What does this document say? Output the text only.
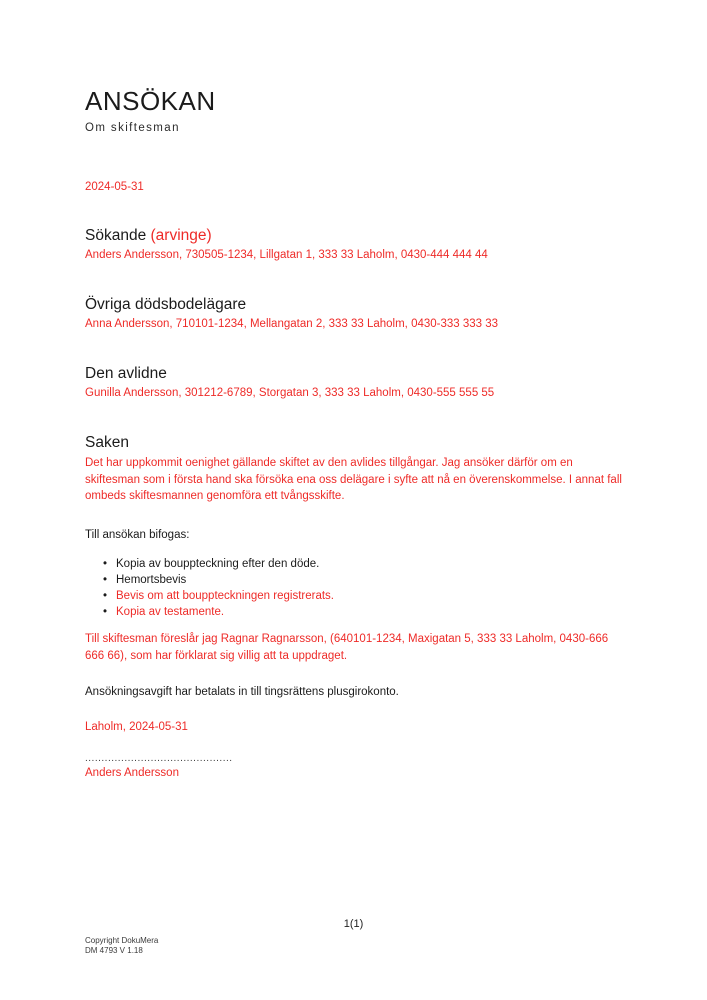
ANSÖKAN
Om skiftesman

2024-05-31

Sökande (arvinge)

Anders Andersson, 730505-1234, Lillgatan 1, 333 33 Laholm, 0430-444 444 44

Övriga dödsbodelägare

Anna Andersson, 710101-1234, Mellangatan 2, 333 33 Laholm, 0430-333 333 33

Den avlidne

Gunilla Andersson, 301212-6789, Storgatan 3, 333 33 Laholm, 0430-555 555 55

Saken

Det har uppkommit oenighet gällande skiftet av den avlides tillgångar. Jag ansöker därför om en skiftesman som i första hand ska försöka ena oss delägare i syfte att nå en överenskommelse. I annat fall ombeds skiftesmannen genomföra ett tvångsskifte.

Till ansökan bifogas:

•
Kopia av bouppteckning efter den döde.
•
Hemortsbevis
•
Bevis om att bouppteckningen registrerats.
•
Kopia av testamente.

Till skiftesman föreslår jag Ragnar Ragnarsson, (640101-1234, Maxigatan 5, 333 33 Laholm, 0430-666 666 66), som har förklarat sig villig att ta uppdraget.

Ansökningsavgift har betalats in till tingsrättens plusgirokonto.

Laholm, 2024-05-31

.............................................

Anders Andersson

1(1)
Copyright DokuMera
DM 4793 V 1.18
